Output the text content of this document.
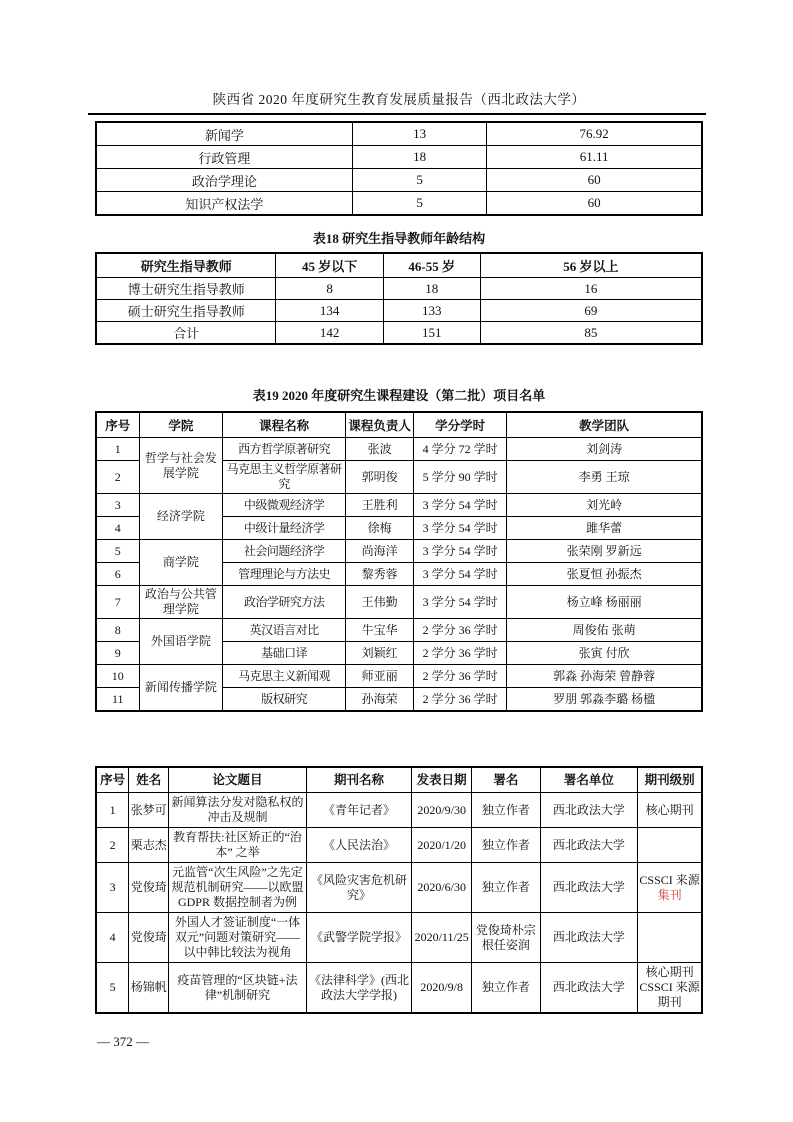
陕西省 2020 年度研究生教育发展质量报告（西北政法大学）
新闻学	13	76.92
行政管理	18	61.11
政治学理论	5	60
知识产权法学	5	60
表18 研究生指导教师年龄结构
研究生指导教师	45 岁以下	46-55 岁	56 岁以上
博士研究生指导教师	8	18	16
硕士研究生指导教师	134	133	69
合计	142	151	85
表19 2020 年度研究生课程建设（第二批）项目名单
序号	学院	课程名称	课程负责人	学分学时	教学团队
1	哲学与社会发展学院	西方哲学原著研究	张波	4 学分 72 学时	刘剑涛
2		马克思主义哲学原著研究	郭明俊	5 学分 90 学时	李勇 王琼
3	经济学院	中级微观经济学	王胜利	3 学分 54 学时	刘光岭
4		中级计量经济学	徐梅	3 学分 54 学时	雎华蕾
5	商学院	社会问题经济学	尚海洋	3 学分 54 学时	张荣刚 罗新远
6		管理理论与方法史	黎秀蓉	3 学分 54 学时	张夏恒 孙振杰
7	政治与公共管理学院	政治学研究方法	王伟勤	3 学分 54 学时	杨立峰 杨丽丽
8	外国语学院	英汉语言对比	牛宝华	2 学分 36 学时	周俊佑 张萌
9		基础口译	刘颖红	2 学分 36 学时	张寅 付欣
10	新闻传播学院	马克思主义新闻观	师亚丽	2 学分 36 学时	郭淼 孙海荣 曾静蓉
11		版权研究	孙海荣	2 学分 36 学时	罗朋 郭淼李璐 杨楹
序号	姓名	论文题目	期刊名称	发表日期	署名	署名单位	期刊级别
1	张梦可	新闻算法分发对隐私权的冲击及规制	《青年记者》	2020/9/30	独立作者	西北政法大学	核心期刊
2	栗志杰	教育帮扶:社区矫正的“治本” 之举	《人民法治》	2020/1/20	独立作者	西北政法大学	
3	党俊琦	元监管“次生风险”之先定规范机制研究——以欧盟 GDPR 数据控制者为例	《风险灾害危机研究》	2020/6/30	独立作者	西北政法大学	CSSCI 来源集刊
4	党俊琦	外国人才签证制度“一体双元”问题对策研究——以中韩比较法为视角	《武警学院学报》	2020/11/25	党俊琦朴宗根任姿润	西北政法大学	
5	杨锦帆	疫苗管理的“区块链+法律”机制研究	《法律科学》(西北政法大学学报)	2020/9/8	独立作者	西北政法大学	核心期刊 CSSCI 来源期刊
— 372 —
